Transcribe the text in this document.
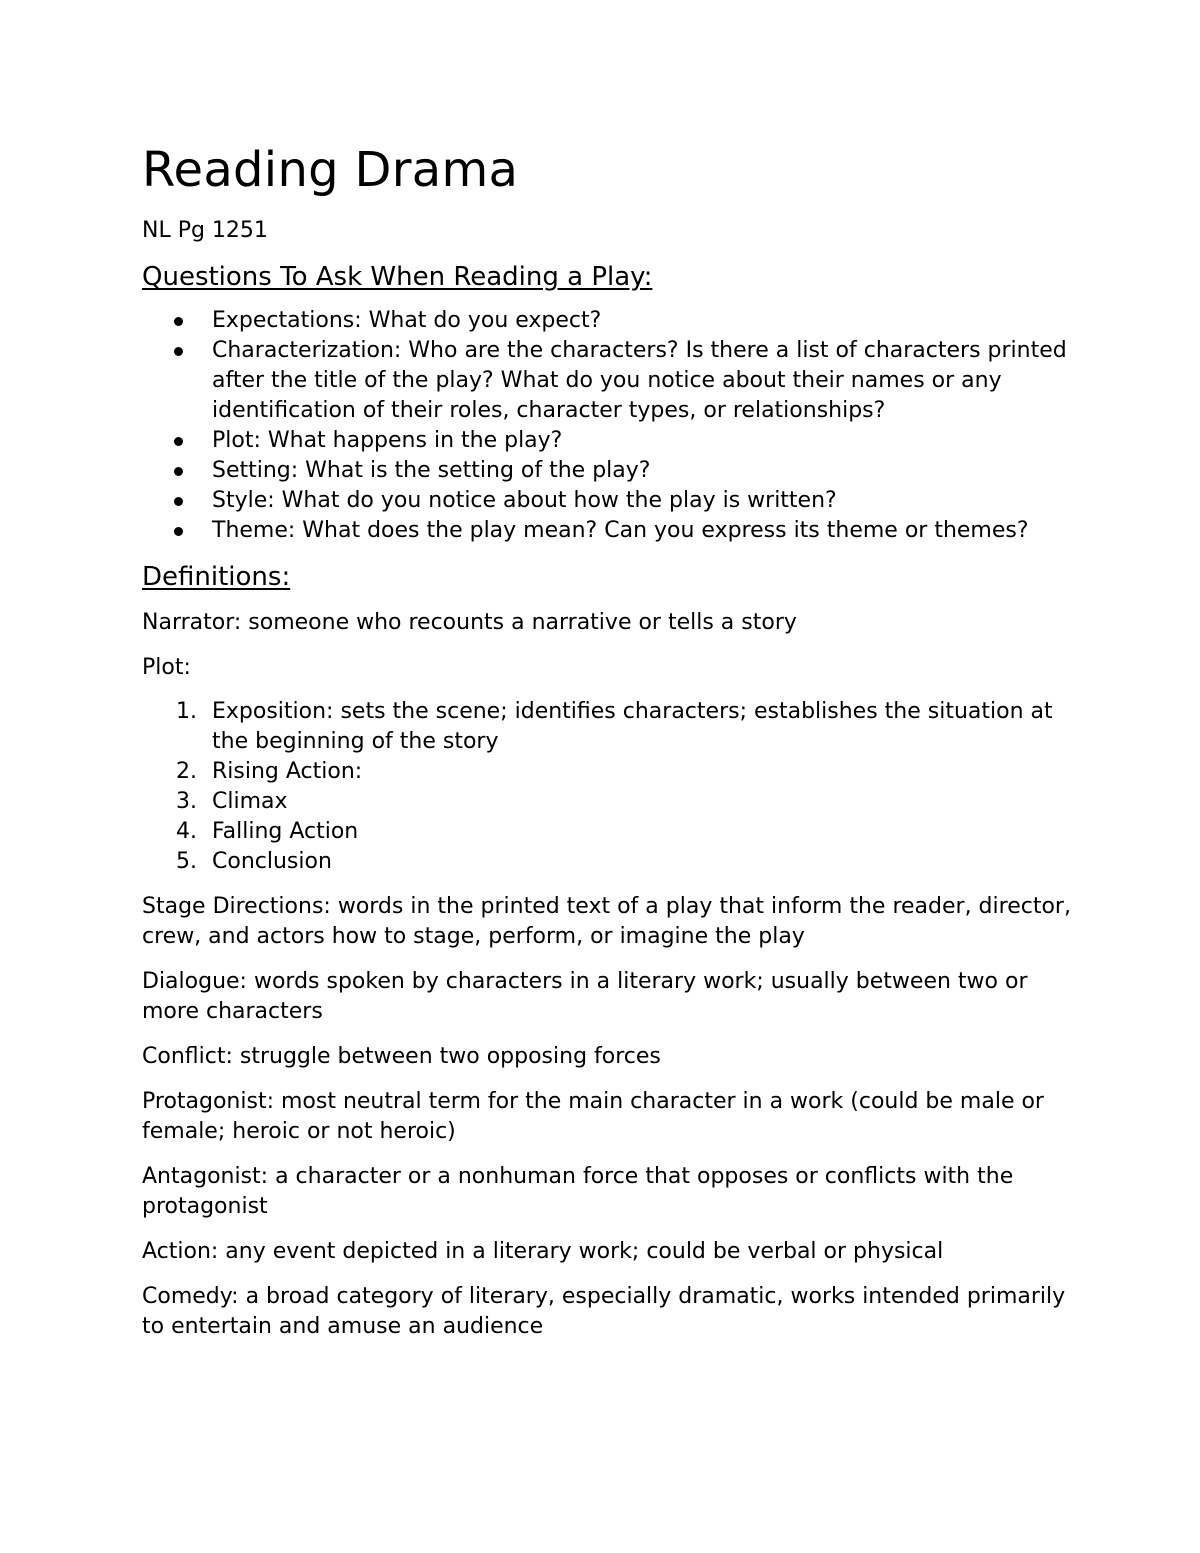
Reading Drama

NL Pg 1251

Questions To Ask When Reading a Play:
Expectations: What do you expect?
Characterization: Who are the characters? Is there a list of characters printed after the title of the play? What do you notice about their names or any identification of their roles, character types, or relationships?
Plot: What happens in the play?
Setting: What is the setting of the play?
Style: What do you notice about how the play is written?
Theme: What does the play mean? Can you express its theme or themes?
Definitions:

Narrator: someone who recounts a narrative or tells a story

Plot:

1. Exposition: sets the scene; identifies characters; establishes the situation at the beginning of the story
2. Rising Action:
3. Climax
4. Falling Action
5. Conclusion

Stage Directions: words in the printed text of a play that inform the reader, director, crew, and actors how to stage, perform, or imagine the play

Dialogue: words spoken by characters in a literary work; usually between two or more characters

Conflict: struggle between two opposing forces

Protagonist: most neutral term for the main character in a work (could be male or female; heroic or not heroic)

Antagonist: a character or a nonhuman force that opposes or conflicts with the protagonist

Action: any event depicted in a literary work; could be verbal or physical

Comedy: a broad category of literary, especially dramatic, works intended primarily to entertain and amuse an audience
